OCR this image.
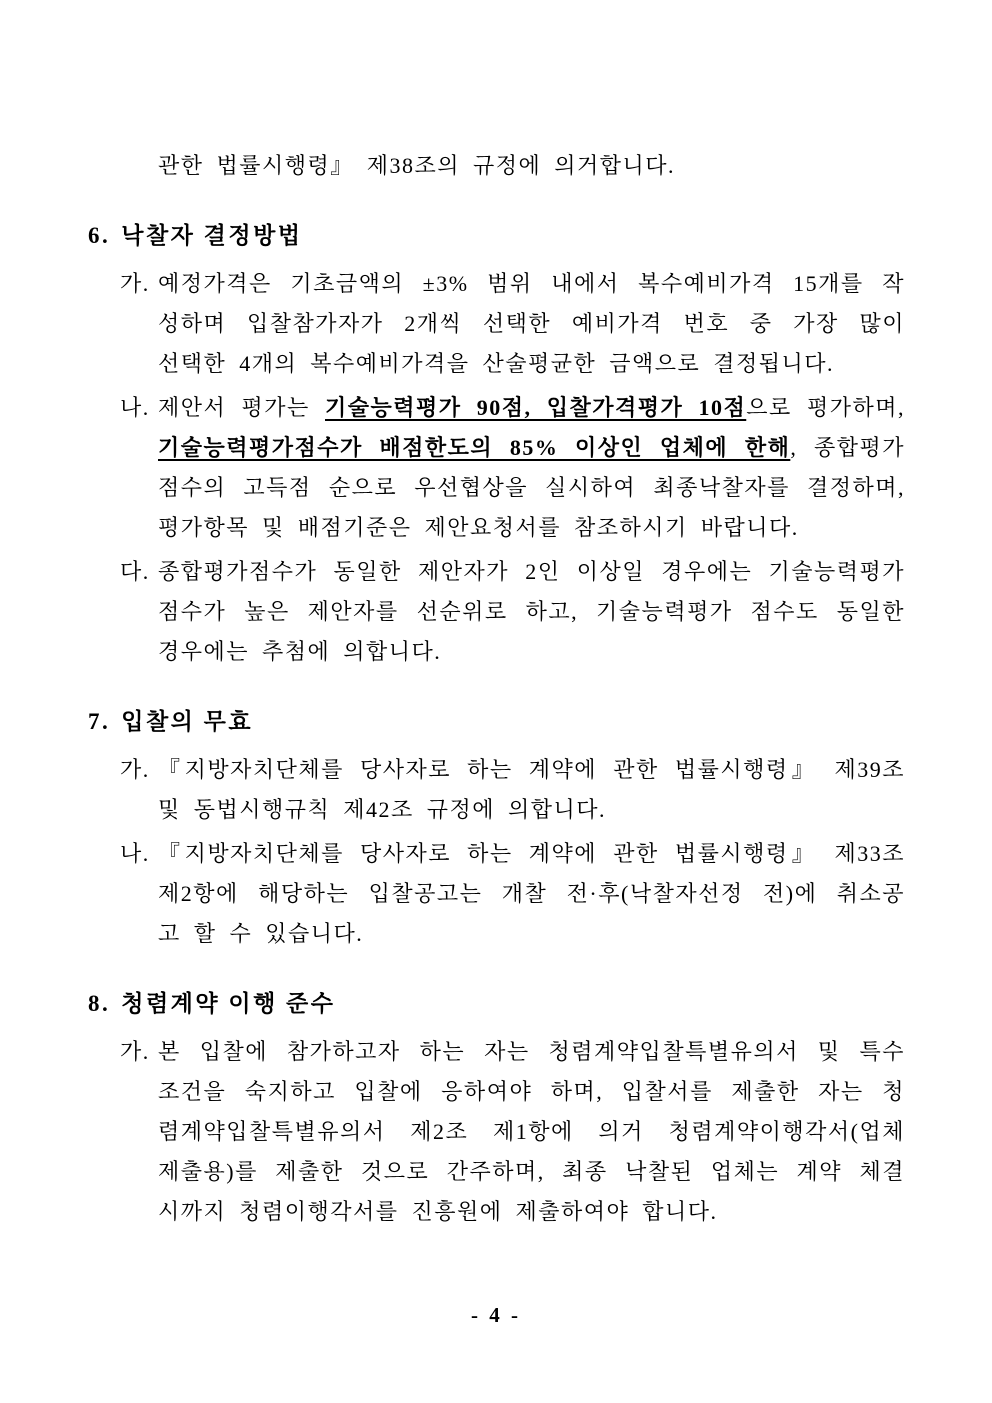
관한 법률시행령』 제38조의 규정에 의거합니다.
6. 낙찰자 결정방법
가. 예정가격은 기초금액의 ±3% 범위 내에서 복수예비가격 15개를 작
성하며 입찰참가자가 2개씩 선택한 예비가격 번호 중 가장 많이
선택한 4개의 복수예비가격을 산술평균한 금액으로 결정됩니다.
나. 제안서 평가는 기술능력평가 90점, 입찰가격평가 10점으로 평가하며,
기술능력평가점수가 배점한도의 85% 이상인 업체에 한해, 종합평가
점수의 고득점 순으로 우선협상을 실시하여 최종낙찰자를 결정하며,
평가항목 및 배점기준은 제안요청서를 참조하시기 바랍니다.
다. 종합평가점수가 동일한 제안자가 2인 이상일 경우에는 기술능력평가
점수가 높은 제안자를 선순위로 하고, 기술능력평가 점수도 동일한
경우에는 추첨에 의합니다.
7. 입찰의 무효
가. 『지방자치단체를 당사자로 하는 계약에 관한 법률시행령』 제39조
및 동법시행규칙 제42조 규정에 의합니다.
나. 『지방자치단체를 당사자로 하는 계약에 관한 법률시행령』 제33조
제2항에 해당하는 입찰공고는 개찰 전·후(낙찰자선정 전)에 취소공
고 할 수 있습니다.
8. 청렴계약 이행 준수
가. 본 입찰에 참가하고자 하는 자는 청렴계약입찰특별유의서 및 특수
조건을 숙지하고 입찰에 응하여야 하며, 입찰서를 제출한 자는 청
렴계약입찰특별유의서 제2조 제1항에 의거 청렴계약이행각서(업체
제출용)를 제출한 것으로 간주하며, 최종 낙찰된 업체는 계약 체결
시까지 청렴이행각서를 진흥원에 제출하여야 합니다.
- 4 -
